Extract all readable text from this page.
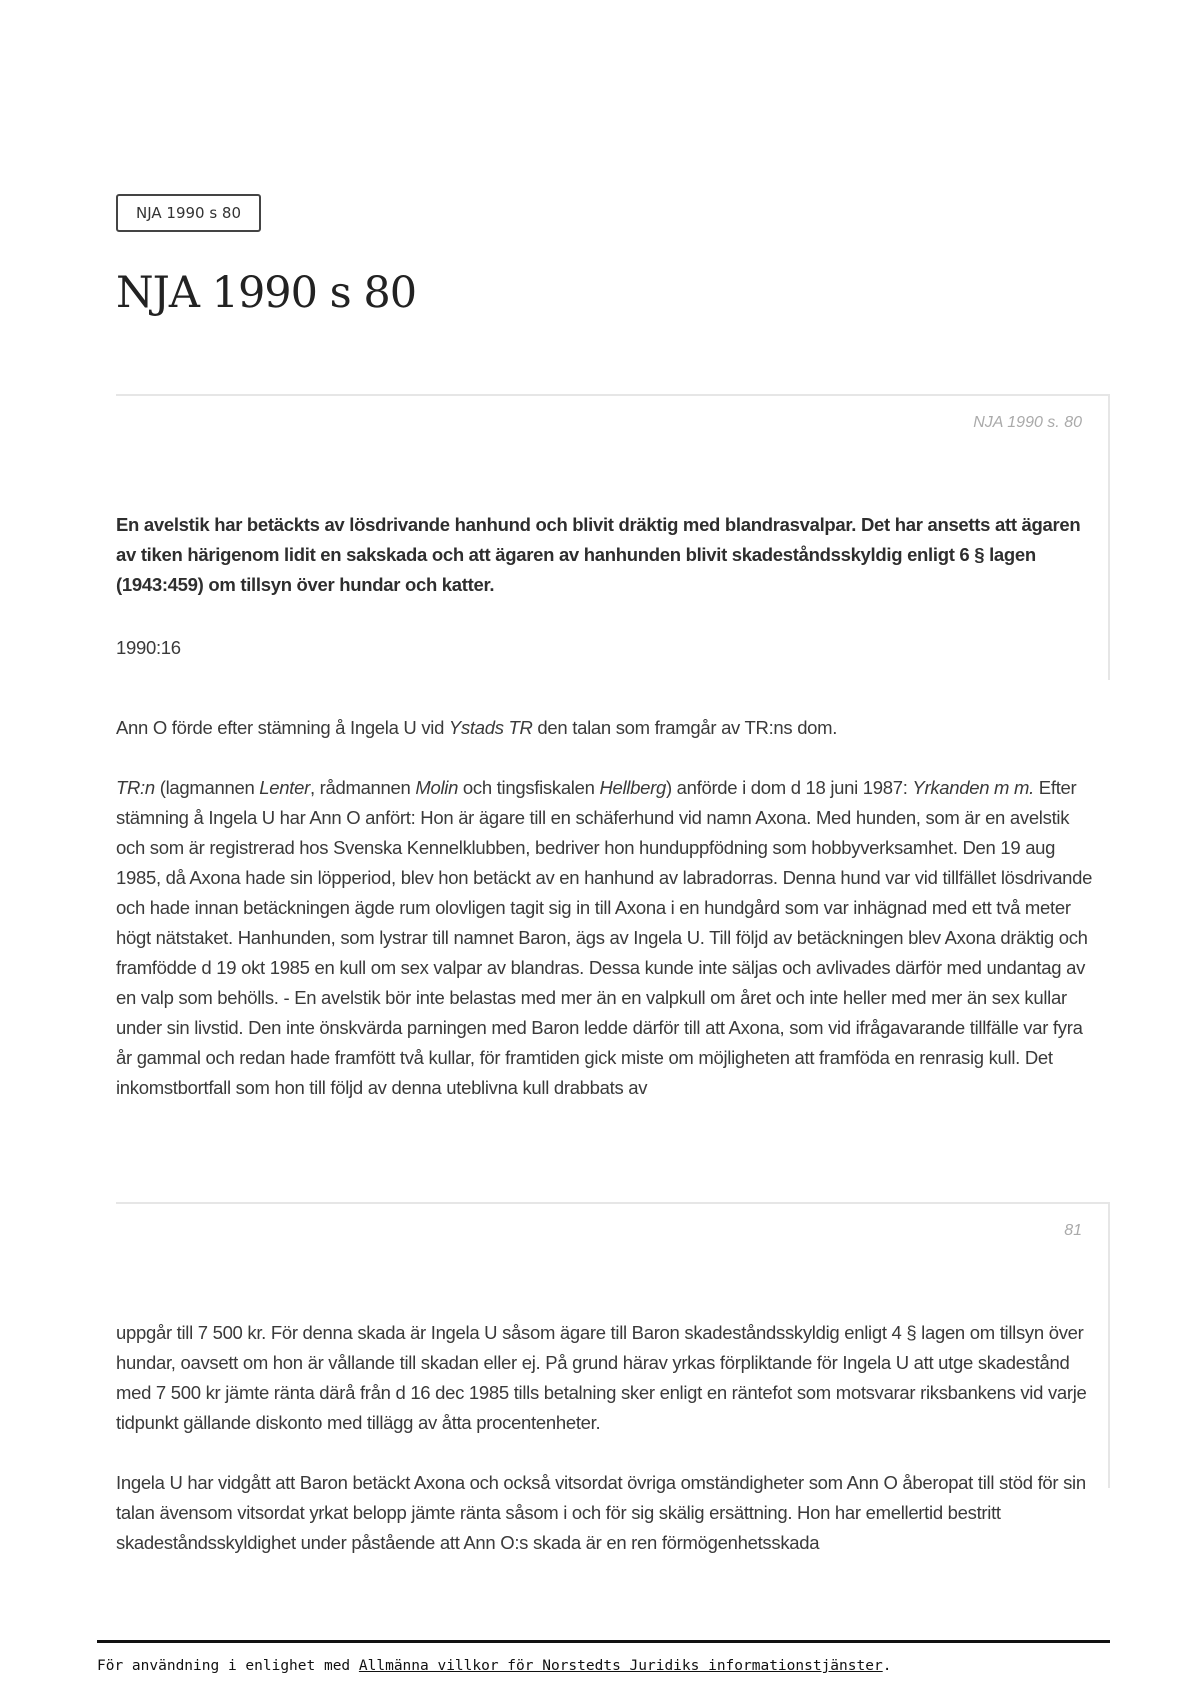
NJA 1990 s 80
NJA 1990 s 80
NJA 1990 s. 80

En avelstik har betäckts av lösdrivande hanhund och blivit dräktig med blandrasvalpar. Det har ansetts att ägaren av tiken härigenom lidit en sakskada och att ägaren av hanhunden blivit skadeståndsskyldig enligt 6 § lagen (1943:459) om tillsyn över hundar och katter.

1990:16

Ann O förde efter stämning å Ingela U vid Ystads TR den talan som framgår av TR:ns dom.

TR:n (lagmannen Lenter, rådmannen Molin och tingsfiskalen Hellberg) anförde i dom d 18 juni 1987: Yrkanden m m. Efter stämning å Ingela U har Ann O anfört: Hon är ägare till en schäferhund vid namn Axona. Med hunden, som är en avelstik och som är registrerad hos Svenska Kennelklubben, bedriver hon hunduppfödning som hobbyverksamhet. Den 19 aug 1985, då Axona hade sin löpperiod, blev hon betäckt av en hanhund av labradorras. Denna hund var vid tillfället lösdrivande och hade innan betäckningen ägde rum olovligen tagit sig in till Axona i en hundgård som var inhägnad med ett två meter högt nätstaket. Hanhunden, som lystrar till namnet Baron, ägs av Ingela U. Till följd av betäckningen blev Axona dräktig och framfödde d 19 okt 1985 en kull om sex valpar av blandras. Dessa kunde inte säljas och avlivades därför med undantag av en valp som behölls. - En avelstik bör inte belastas med mer än en valpkull om året och inte heller med mer än sex kullar under sin livstid. Den inte önskvärda parningen med Baron ledde därför till att Axona, som vid ifrågavarande tillfälle var fyra år gammal och redan hade framfött två kullar, för framtiden gick miste om möjligheten att framföda en renrasig kull. Det inkomstbortfall som hon till följd av denna uteblivna kull drabbats av

81

uppgår till 7 500 kr. För denna skada är Ingela U såsom ägare till Baron skadeståndsskyldig enligt 4 § lagen om tillsyn över hundar, oavsett om hon är vållande till skadan eller ej. På grund härav yrkas förpliktande för Ingela U att utge skadestånd med 7 500 kr jämte ränta därå från d 16 dec 1985 tills betalning sker enligt en räntefot som motsvarar riksbankens vid varje tidpunkt gällande diskonto med tillägg av åtta procentenheter.

Ingela U har vidgått att Baron betäckt Axona och också vitsordat övriga omständigheter som Ann O åberopat till stöd för sin talan ävensom vitsordat yrkat belopp jämte ränta såsom i och för sig skälig ersättning. Hon har emellertid bestritt skadeståndsskyldighet under påstående att Ann O:s skada är en ren förmögenhetsskada

För användning i enlighet med Allmänna villkor för Norstedts Juridiks informationstjänster.
